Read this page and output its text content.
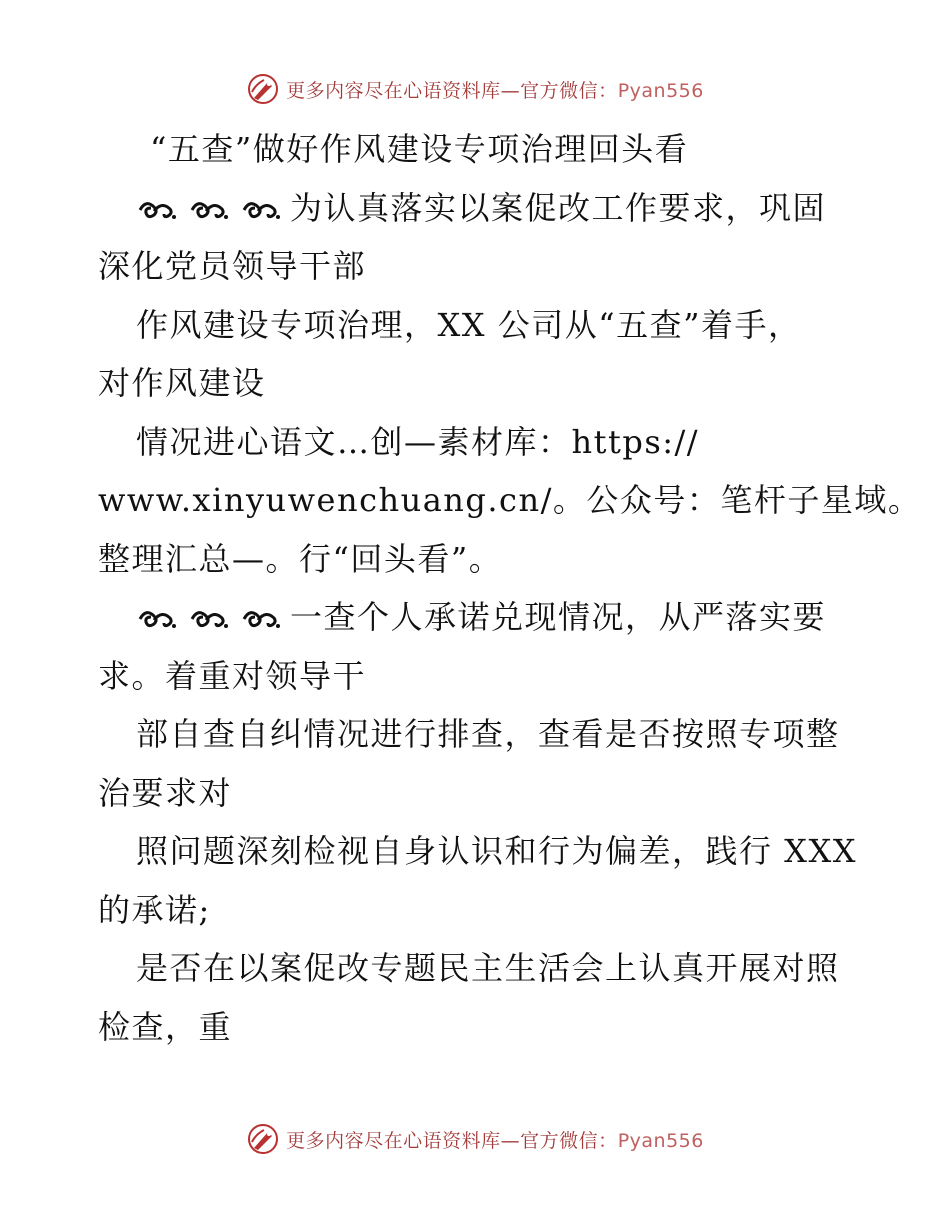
更多内容尽在心语资料库—官方微信：Pyan556
“五查”做好作风建设专项治理回头看
为认真落实以案促改工作要求，巩固
深化党员领导干部
作风建设专项治理，XX 公司从“五查”着手，
对作风建设
情况进心语文…创—素材库：https://
www.xinyuwenchuang.cn/。公众号：笔杆子星域。
整理汇总—。行“回头看”。
一查个人承诺兑现情况，从严落实要
求。着重对领导干
部自查自纠情况进行排查，查看是否按照专项整
治要求对
照问题深刻检视自身认识和行为偏差，践行 XXX
的承诺;
是否在以案促改专题民主生活会上认真开展对照
检查，重
更多内容尽在心语资料库—官方微信：Pyan556
